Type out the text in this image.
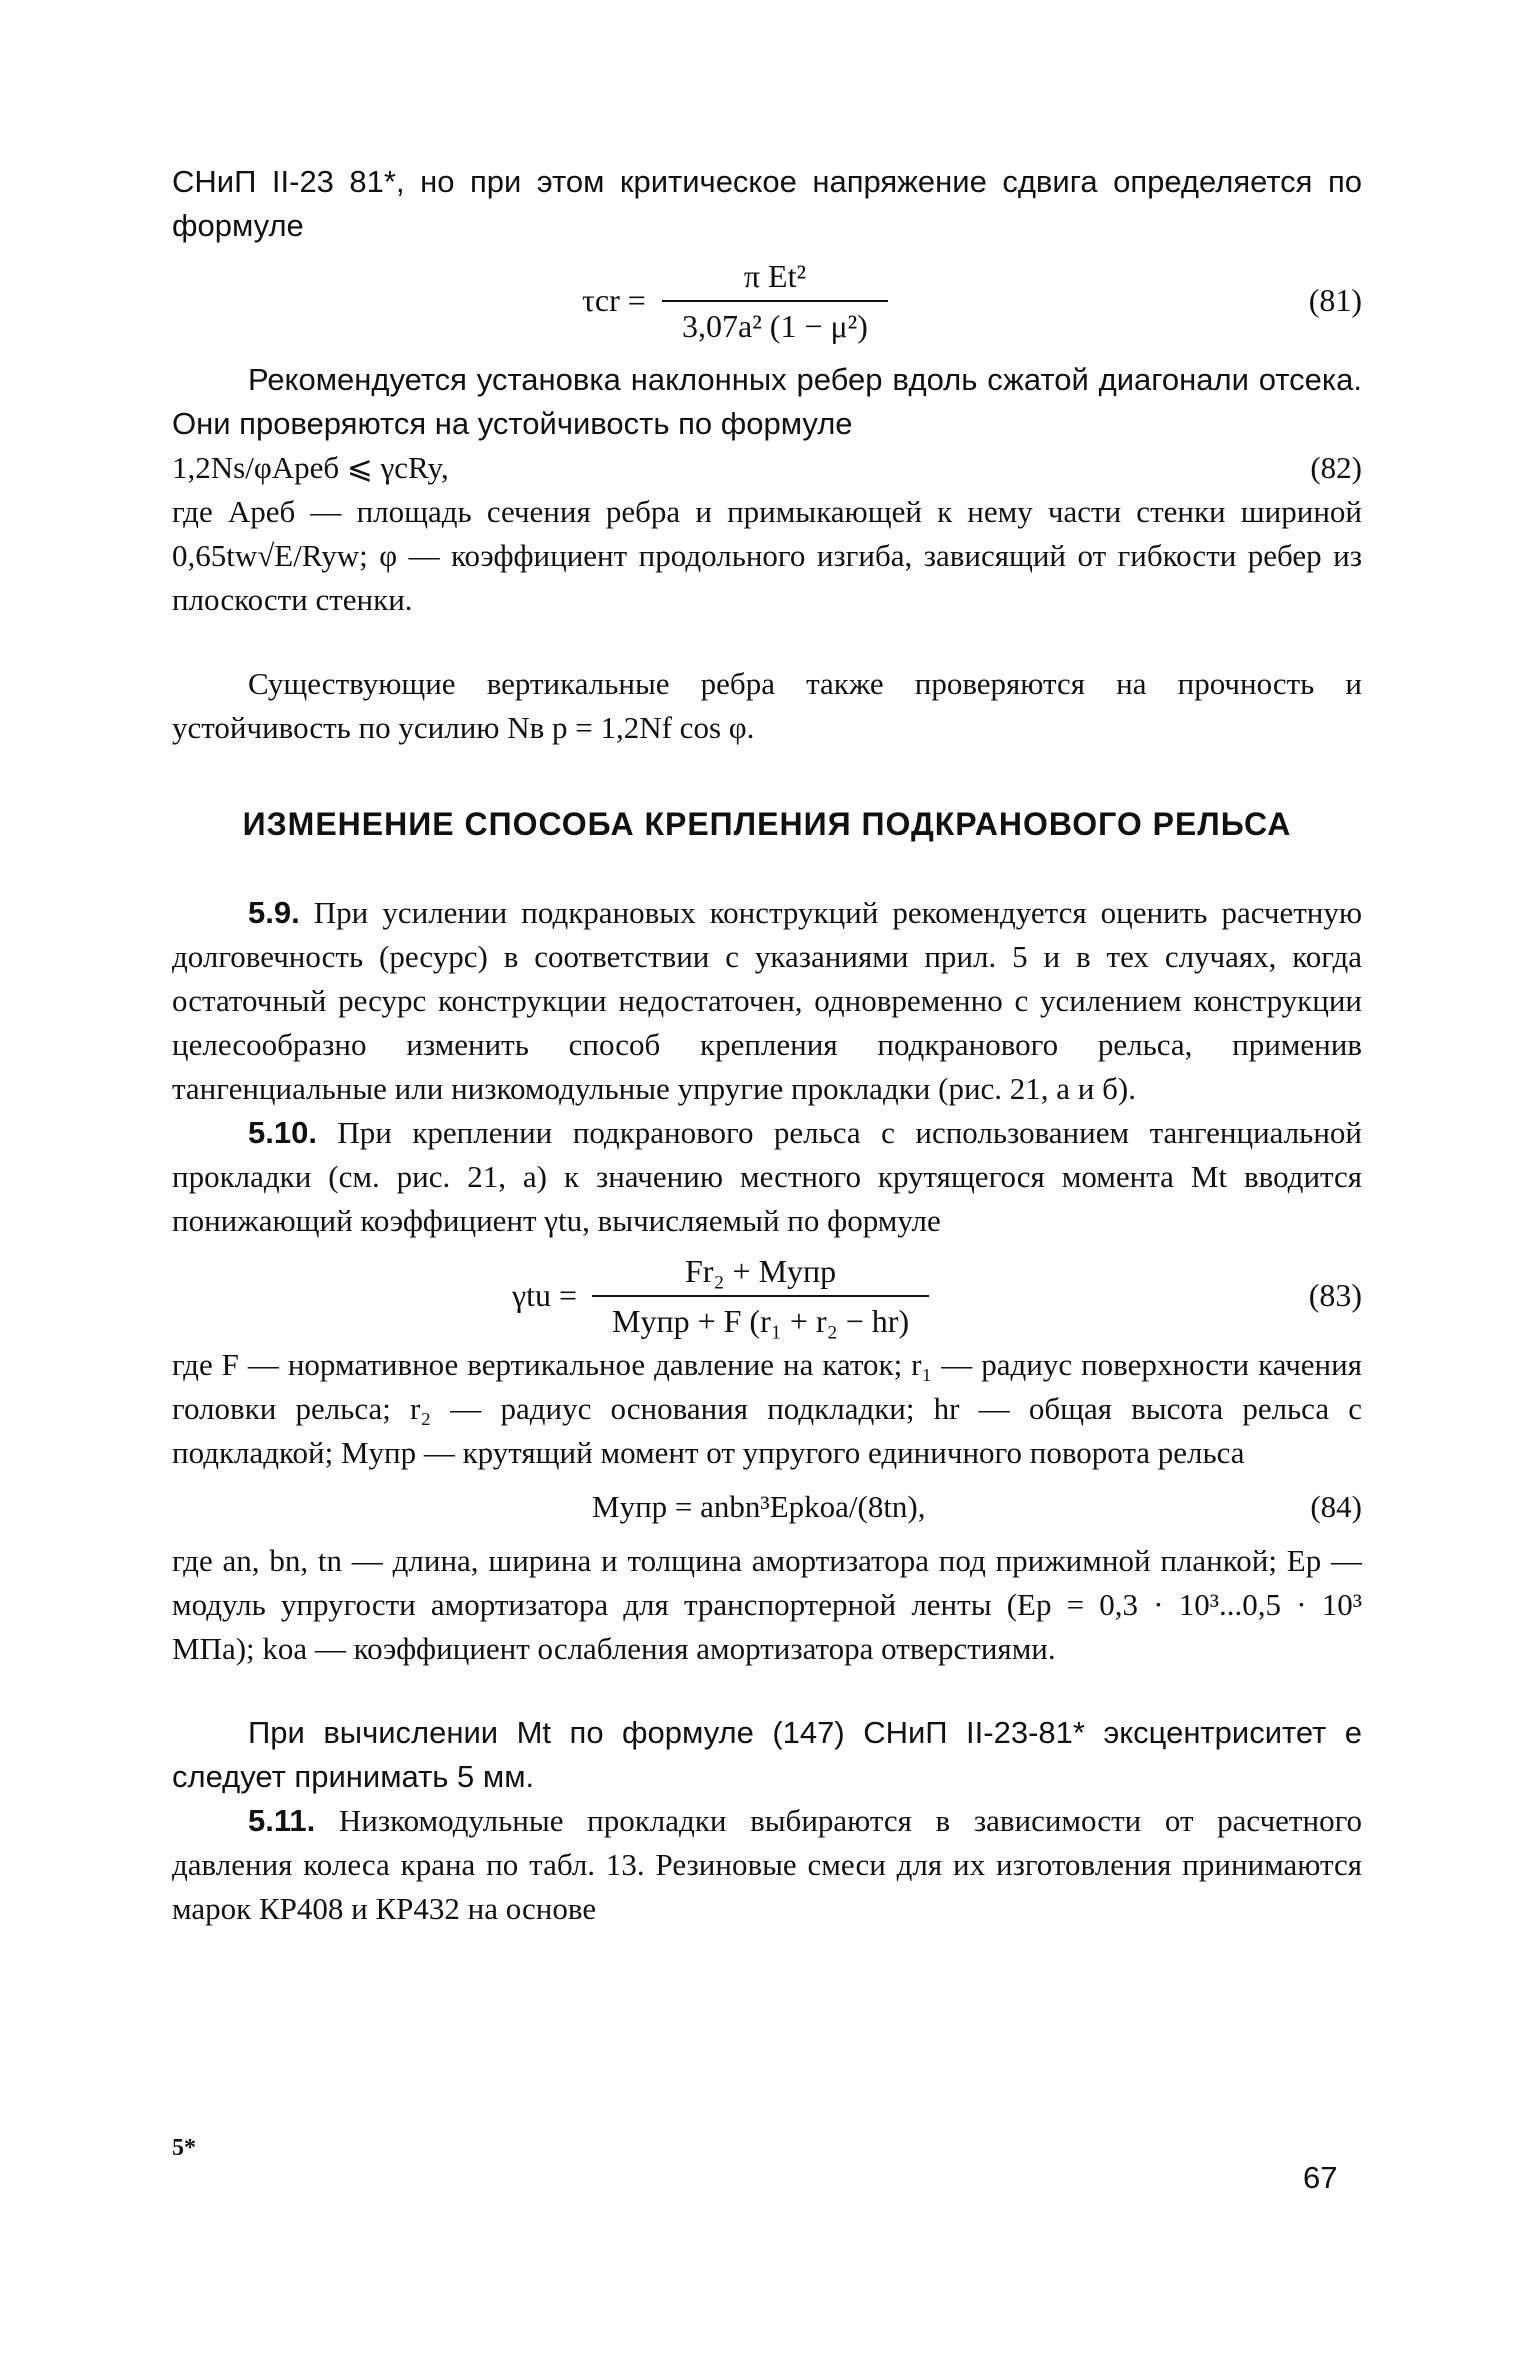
СНиП II-23 81*, но при этом критическое напряжение сдвига определяется по формуле

τcr =
π Et²
3,07a² (1 − μ²)
(81)

Рекомендуется установка наклонных ребер вдоль сжатой диагонали отсека. Они проверяются на устойчивость по формуле

1,2Ns/φAреб ⩽ γcRy,	(82)

где Aреб — площадь сечения ребра и примыкающей к нему части стенки шириной 0,65tw√E/Ryw; φ — коэффициент продольного изгиба, зависящий от гибкости ребер из плоскости стенки.

Существующие вертикальные ребра также проверяются на прочность и устойчивость по усилию Nв р = 1,2Nf cos φ.

ИЗМЕНЕНИЕ СПОСОБА КРЕПЛЕНИЯ ПОДКРАНОВОГО РЕЛЬСА

5.9. При усилении подкрановых конструкций рекомендуется оценить расчетную долговечность (ресурс) в соответствии с указаниями прил. 5 и в тех случаях, когда остаточный ресурс конструкции недостаточен, одновременно с усилением конструкции целесообразно изменить способ крепления подкранового рельса, применив тангенциальные или низкомодульные упругие прокладки (рис. 21, а и б).

5.10. При креплении подкранового рельса с использованием тангенциальной прокладки (см. рис. 21, а) к значению местного крутящегося момента Mt вводится понижающий коэффициент γtu, вычисляемый по формуле

γtu =
Fr₂ + Mупр
Mупр + F (r₁ + r₂ − hr)
(83)

где F — нормативное вертикальное давление на каток; r₁ — радиус поверхности качения головки рельса; r₂ — радиус основания подкладки; hr — общая высота рельса с подкладкой; Mупр — крутящий момент от упругого единичного поворота рельса

Mупр = anbn³Epkoa/(8tn),	(84)

где an, bn, tn — длина, ширина и толщина амортизатора под прижимной планкой; Ep — модуль упругости амортизатора для транспортерной ленты (Ep = 0,3 · 10³...0,5 · 10³ МПа); koa — коэффициент ослабления амортизатора отверстиями.

При вычислении Mt по формуле (147) СНиП II-23-81* эксцентриситет e следует принимать 5 мм.

5.11. Низкомодульные прокладки выбираются в зависимости от расчетного давления колеса крана по табл. 13. Резиновые смеси для их изготовления принимаются марок КР408 и КР432 на основе

5*
67
